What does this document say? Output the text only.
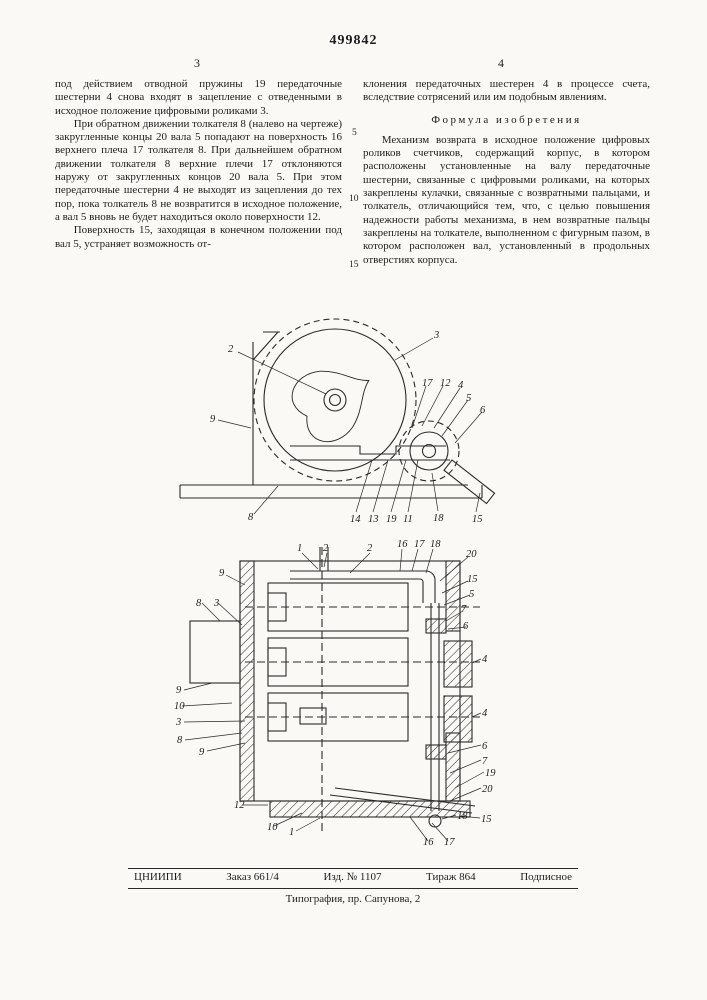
499842
3	4

под действием отводной пружины 19 передаточные шестерни 4 снова входят в зацепление с отведенными в исходное положение цифровыми роликами 3.

При обратном движении толкателя 8 (налево на чертеже) закругленные концы 20 вала 5 попадают на поверхность 16 верхнего плеча 17 толкателя 8. При дальнейшем обратном движении толкателя 8 верхние плечи 17 отклоняются наружу от закругленных концов 20 вала 5. При этом передаточные шестерни 4 не выходят из зацепления до тех пор, пока толкатель 8 не возвратится в исходное положение, а вал 5 вновь не будет находиться около поверхности 12.

Поверхность 15, заходящая в конечном положении под вал 5, устраняет возможность от-

клонения передаточных шестерен 4 в процессе счета, вследствие сотрясений или им подобным явлениям.

Формула изобретения

Механизм возврата в исходное положение цифровых роликов счетчиков, содержащий корпус, в котором расположены установленные на валу передаточные шестерни, связанные с цифровыми роликами, на которых закреплены кулачки, связанные с возвратными пальцами, и толкатель, отличающийся тем, что, с целью повышения надежности работы механизма, в нем возвратные пальцы закреплены на толкателе, выполненном с фигурным пазом, в котором расположен вал, установленный в продольных отверстиях корпуса.

5
10
15
2
3
9
17 12 4
5
6
8	14 13 19 11 18	15
1 2	2 16 17 18
20
15
5
7
6
4
4
9
8 3
9
10
3
8
9
12
6
7
19
20
18 15
16 17
10 1
ЦНИИПИ	Заказ 661/4	Изд. № 1107	Тираж 864	Подписное
Типография, пр. Сапунова, 2
